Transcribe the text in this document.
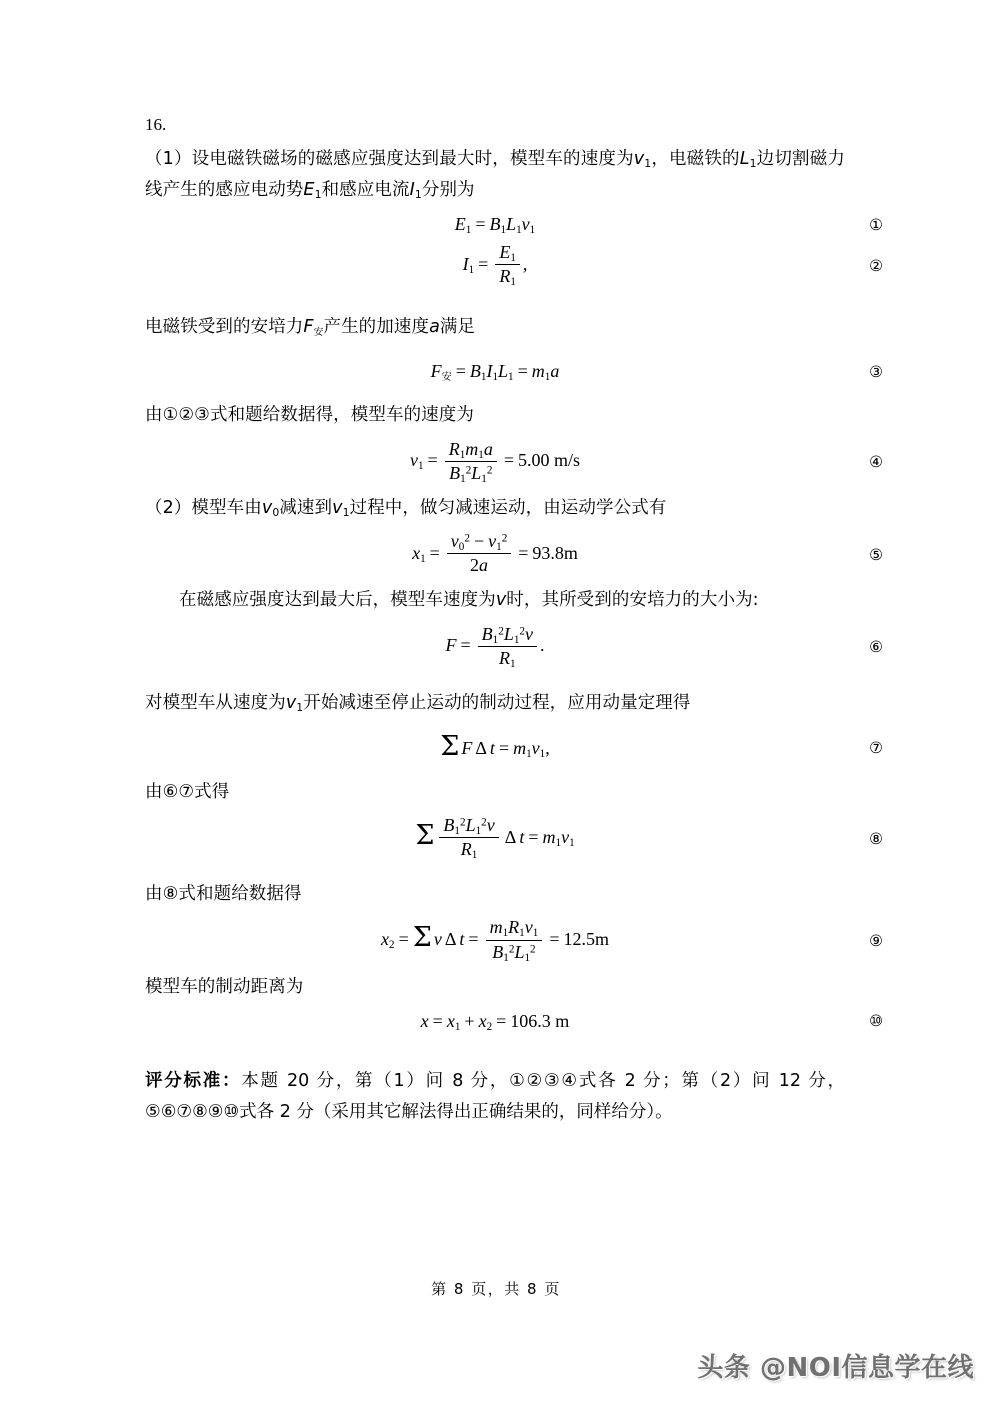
16.

（1）设电磁铁磁场的磁感应强度达到最大时，模型车的速度为$v_1$，电磁铁的$L_1$边切割磁力线产生的感应电动势$E_1$和感应电流$I_1$分别为

$E_1 = B_1L_1v_1$	①
$I_1 = \frac{E_1}{R_1}$ ,	②

电磁铁受到的安培力F安产生的加速度a满足

F安 = $B_1I_1L_1 = m_1a$	③

由①②③式和题给数据得，模型车的速度为

$v_1 = \frac{R_1m_1a}{B_1^2L_1^2} = 5.00$ m/s	④

（2）模型车由$v_0$减速到$v_1$过程中，做匀减速运动，由运动学公式有

$x_1 = \frac{v_0^2 - v_1^2}{2a} = 93.8m$	⑤

在磁感应强度达到最大后，模型车速度为v时，其所受到的安培力的大小为:

$F = \frac{B_1^2L_1^2v}{R_1}$ .	⑥

对模型车从速度为$v_1$开始减速至停止运动的制动过程，应用动量定理得

Σ F Δ $t = m_1v_1$,	⑦

由⑥⑦式得

Σ $\frac{B_1^2L_1^2v}{R_1}$ Δ $t = m_1v_1$	⑧

由⑧式和题给数据得

$x_2 = \Sigma$ v Δ $t = \frac{m_1R_1v_1}{B_1^2L_1^2} = 12.5m$	⑨

模型车的制动距离为

$x = x_1 + x_2 = 106.3$ m	⑩

评分标准：本题 20 分，第（1）问 8 分，①②③④式各 2 分；第（2）问 12 分，⑤⑥⑦⑧⑨⑩式各 2 分（采用其它解法得出正确结果的，同样给分）。

第 8 页，共 8 页
头条 @NOI信息学在线
